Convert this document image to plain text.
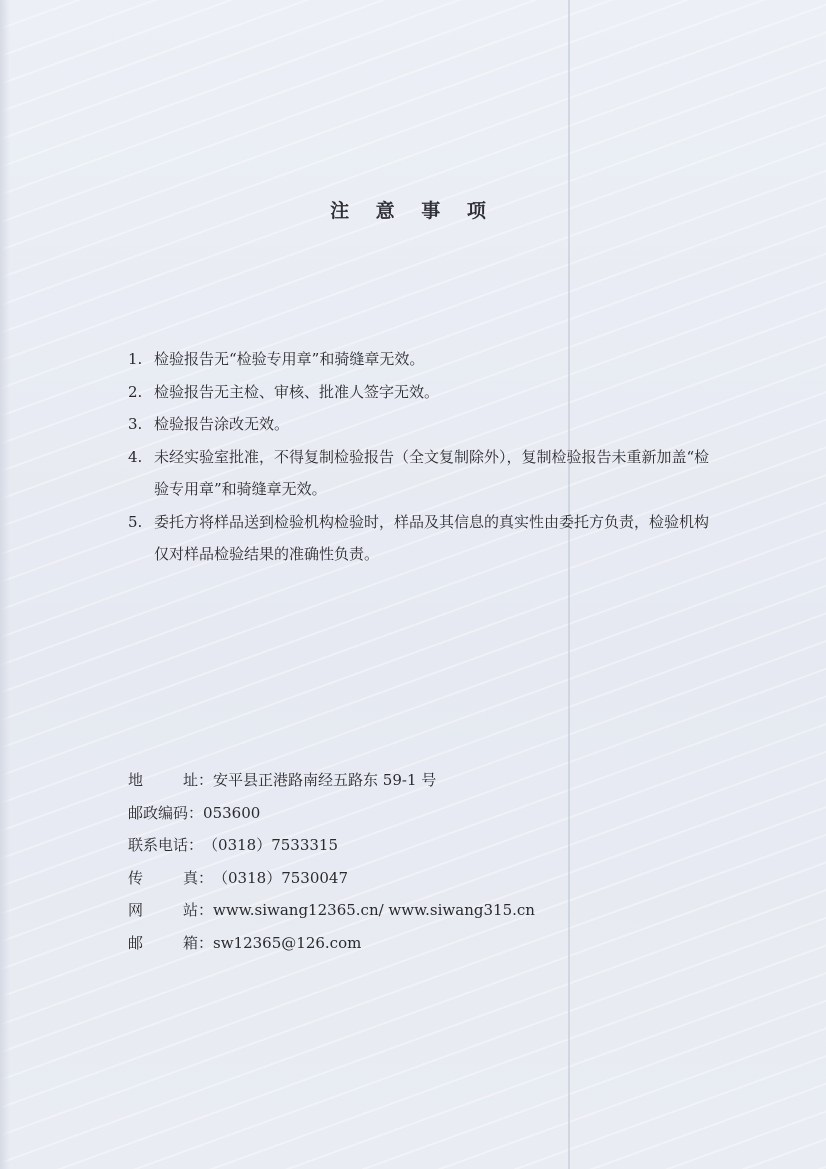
注 意 事 项
1. 检验报告无“检验专用章”和骑缝章无效。
2. 检验报告无主检、审核、批准人签字无效。
3. 检验报告涂改无效。
4. 未经实验室批准，不得复制检验报告（全文复制除外），复制检验报告未重新加盖“检验专用章”和骑缝章无效。
5. 委托方将样品送到检验机构检验时，样品及其信息的真实性由委托方负责，检验机构仅对样品检验结果的准确性负责。
地	址 ： 安平县正港路南经五路东 59-1 号
邮政编码 ： 053600
联系电话 ： （0318）7533315
传	真 ： （0318）7530047
网	站 ： www.siwang12365.cn/ www.siwang315.cn
邮	箱 ： sw12365@126.com
